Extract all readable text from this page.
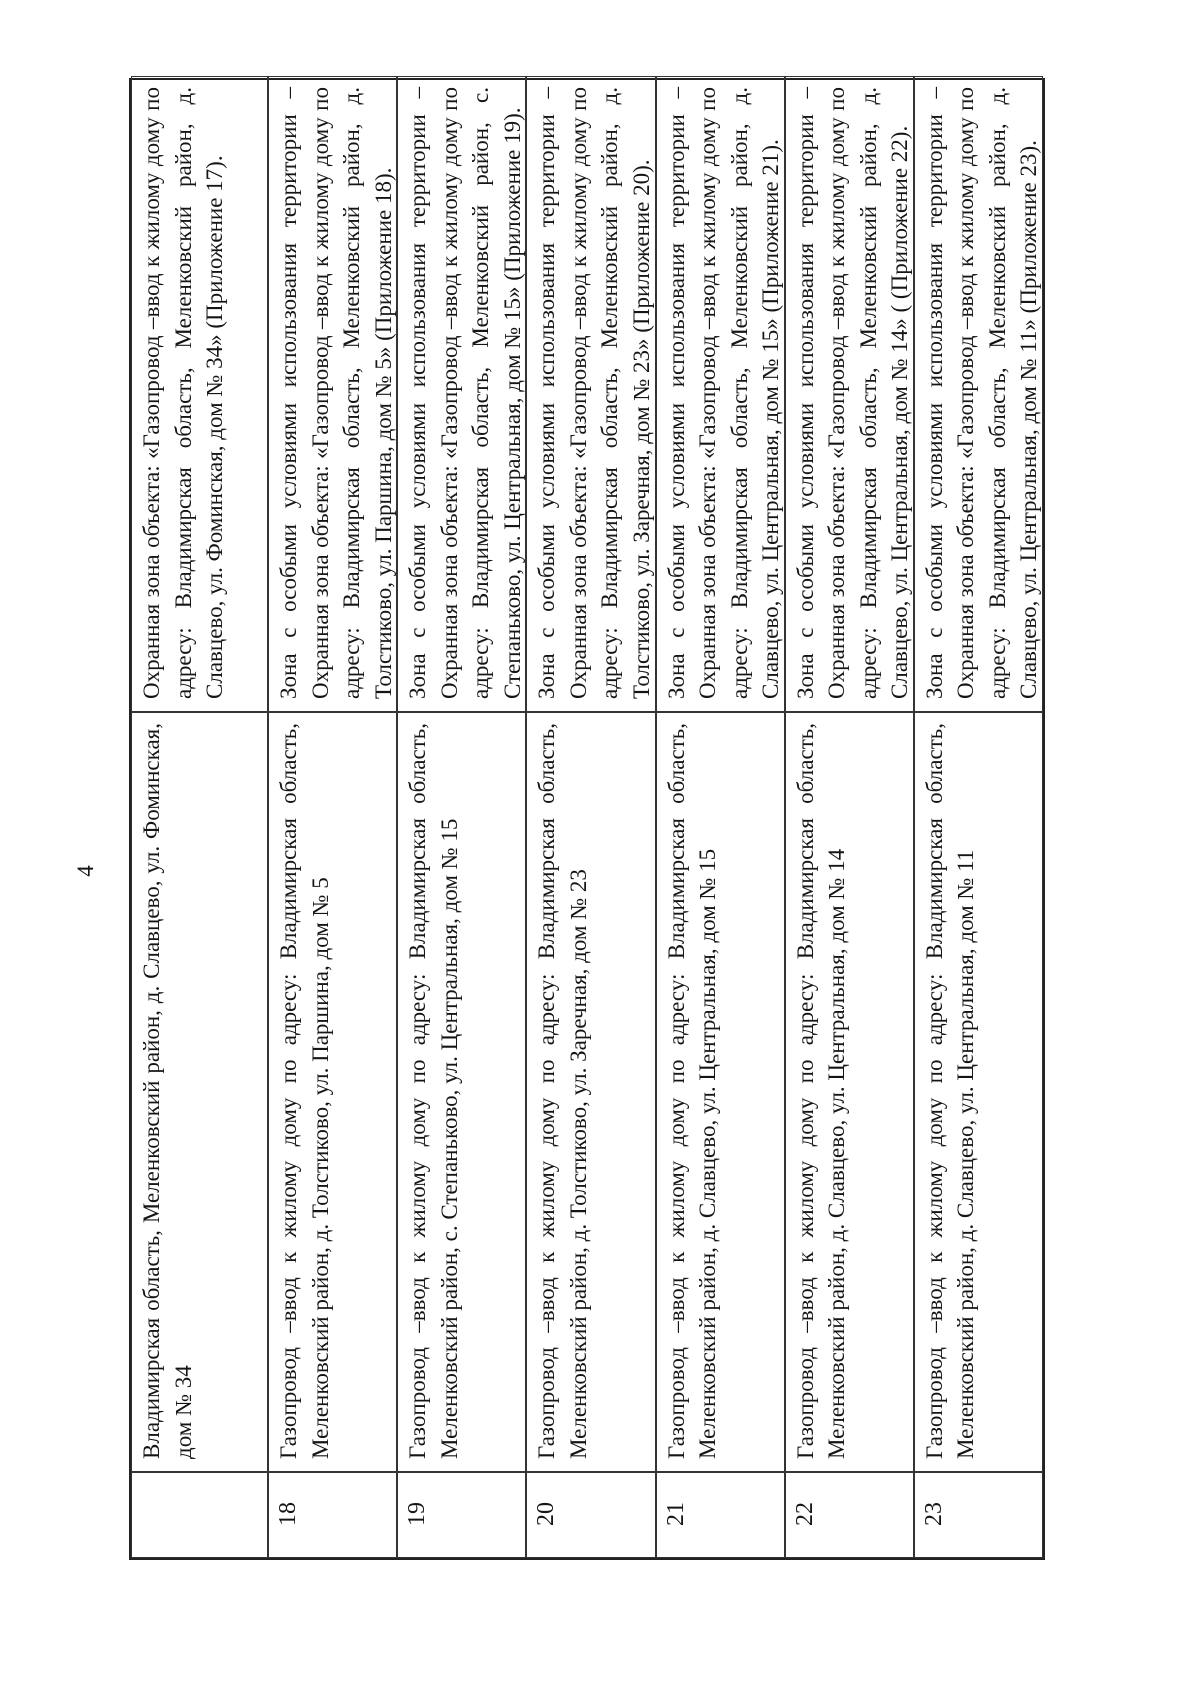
4	Владимирская область, Меленковский район, д. Славцево, ул. Фоминская, дом № 34
Охранная зона объекта: «Газопровод –ввод к жилому дому по адресу: Владимирская область, Меленковский район, д. Славцево, ул. Фоминская, дом № 34» (Приложение 17).
18
Газопровод –ввод к жилому дому по адресу: Владимирская область, Меленковский район, д. Толстиково, ул. Паршина, дом № 5
Зона с особыми условиями использования территории – Охранная зона объекта: «Газопровод –ввод к жилому дому по адресу: Владимирская область, Меленковский район, д. Толстиково, ул. Паршина, дом № 5» (Приложение 18).
19
Газопровод –ввод к жилому дому по адресу: Владимирская область, Меленковский район, с. Степаньково, ул. Центральная, дом № 15
Зона с особыми условиями использования территории – Охранная зона объекта: «Газопровод –ввод к жилому дому по адресу: Владимирская область, Меленковский район, с. Степаньково, ул. Центральная, дом № 15» (Приложение 19).
20
Газопровод –ввод к жилому дому по адресу: Владимирская область, Меленковский район, д. Толстиково, ул. Заречная, дом № 23
Зона с особыми условиями использования территории – Охранная зона объекта: «Газопровод –ввод к жилому дому по адресу: Владимирская область, Меленковский район, д. Толстиково, ул. Заречная, дом № 23» (Приложение 20).
21
Газопровод –ввод к жилому дому по адресу: Владимирская область, Меленковский район, д. Славцево, ул. Центральная, дом № 15
Зона с особыми условиями использования территории – Охранная зона объекта: «Газопровод –ввод к жилому дому по адресу: Владимирская область, Меленковский район, д. Славцево, ул. Центральная, дом № 15» (Приложение 21).
22
Газопровод –ввод к жилому дому по адресу: Владимирская область, Меленковский район, д. Славцево, ул. Центральная, дом № 14
Зона с особыми условиями использования территории – Охранная зона объекта: «Газопровод –ввод к жилому дому по адресу: Владимирская область, Меленковский район, д. Славцево, ул. Центральная, дом № 14» ( (Приложение 22).
23
Газопровод –ввод к жилому дому по адресу: Владимирская область, Меленковский район, д. Славцево, ул. Центральная, дом № 11
Зона с особыми условиями использования территории – Охранная зона объекта: «Газопровод –ввод к жилому дому по адресу: Владимирская область, Меленковский район, д. Славцево, ул. Центральная, дом № 11» (Приложение 23).
